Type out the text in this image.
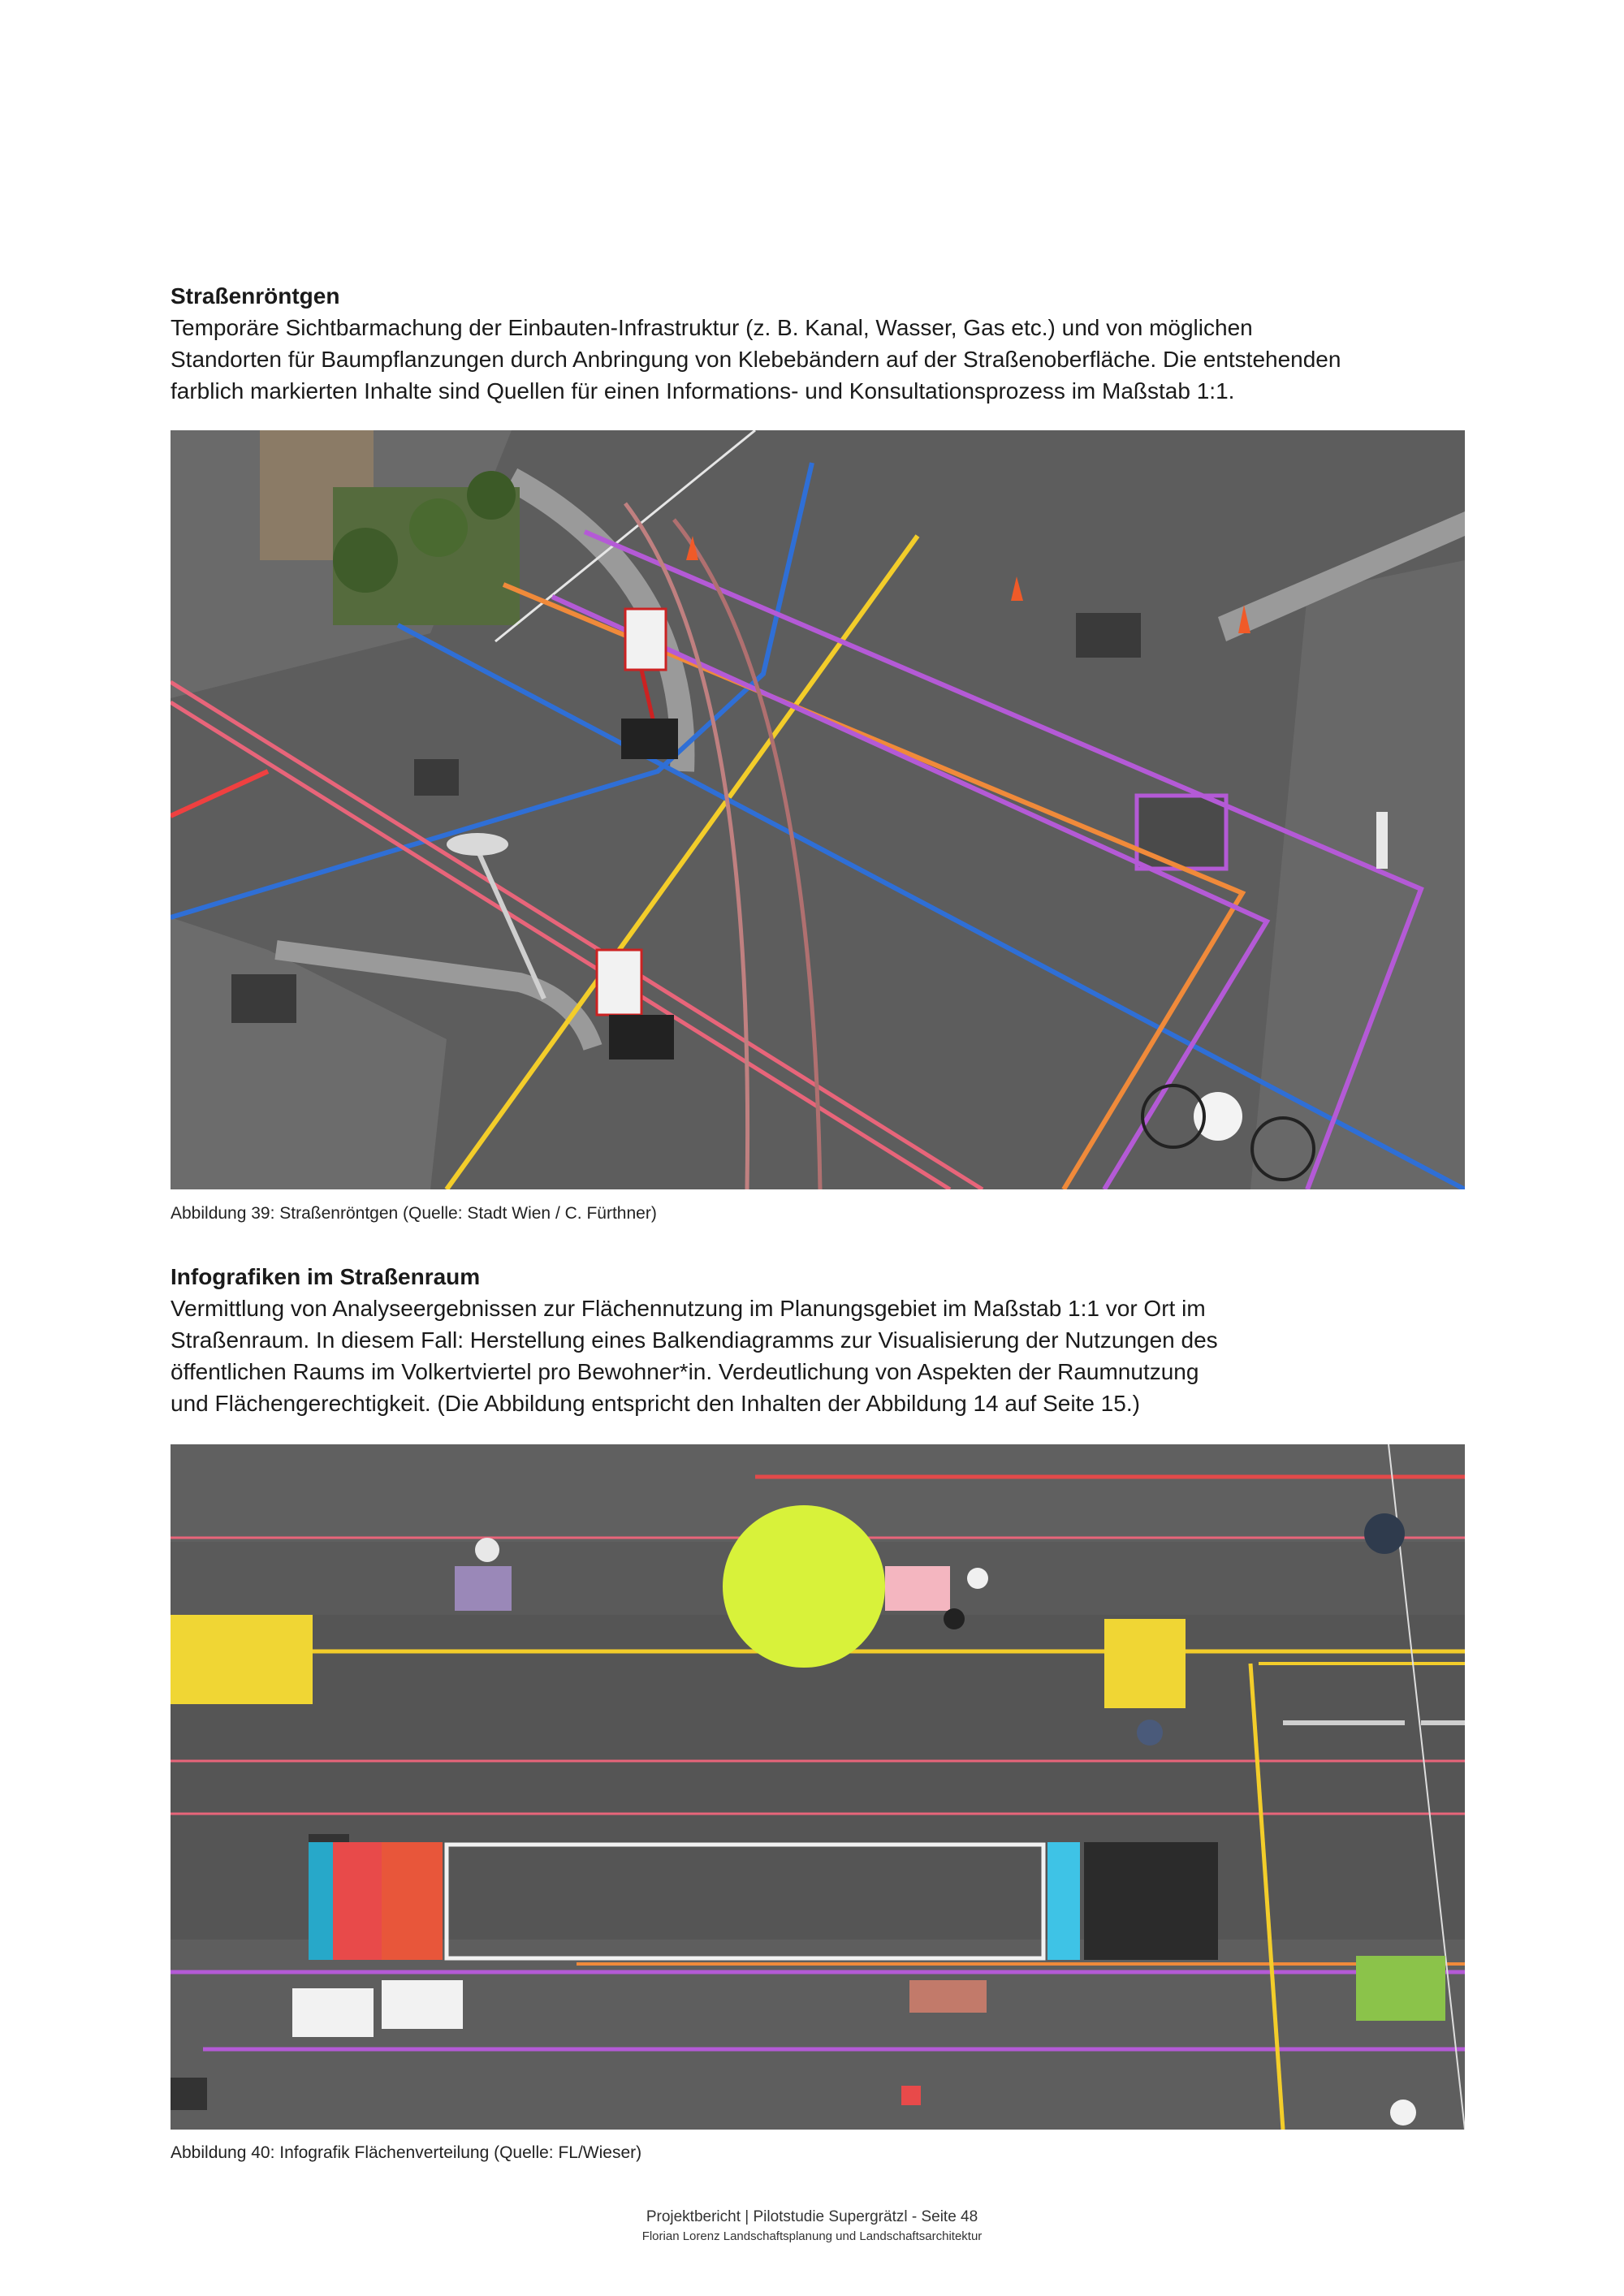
Straßenröntgen
Temporäre Sichtbarmachung der Einbauten-Infrastruktur (z. B. Kanal, Wasser, Gas etc.) und von möglichen
Standorten für Baumpflanzungen durch Anbringung von Klebebändern auf der Straßenoberfläche. Die entstehenden
farblich markierten Inhalte sind Quellen für einen Informations- und Konsultationsprozess im Maßstab 1:1.
Abbildung 39: Straßenröntgen (Quelle: Stadt Wien / C. Fürthner)
Infografiken im Straßenraum
Vermittlung von Analyseergebnissen zur Flächennutzung im Planungsgebiet im Maßstab 1:1 vor Ort im
Straßenraum. In diesem Fall: Herstellung eines Balkendiagramms zur Visualisierung der Nutzungen des
öffentlichen Raums im Volkertviertel pro Bewohner*in. Verdeutlichung von Aspekten der Raumnutzung
und Flächengerechtigkeit. (Die Abbildung entspricht den Inhalten der Abbildung 14 auf Seite 15.)
Abbildung 40: Infografik Flächenverteilung (Quelle: FL/Wieser)
Projektbericht | Pilotstudie Supergrätzl - Seite 48
Florian Lorenz Landschaftsplanung und Landschaftsarchitektur
